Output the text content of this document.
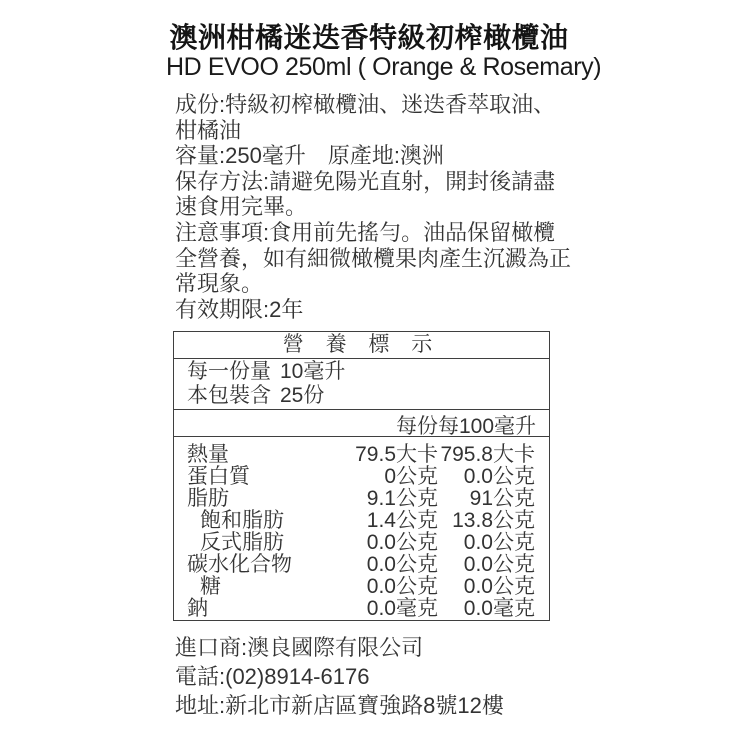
澳洲柑橘迷迭香特級初榨橄欖油
HD EVOO 250ml ( Orange & Rosemary)
成份:特級初榨橄欖油、迷迭香萃取油、
柑橘油
容量:250毫升　原產地:澳洲
保存方法:請避免陽光直射，開封後請盡
速食用完畢。
注意事項:食用前先搖勻。油品保留橄欖
全營養，如有細微橄欖果肉產生沉澱為正
常現象。
有效期限:2年
營 養 標 示
每一份量 10毫升
本包裝含 25份
每份 每100毫升
熱量	79.5大卡 795.8大卡
蛋白質	0公克	0.0公克
脂肪	9.1公克	91公克
飽和脂肪	1.4公克 13.8公克
反式脂肪	0.0公克	0.0公克
碳水化合物	0.0公克	0.0公克
糖	0.0公克	0.0公克
鈉	0.0毫克	0.0毫克
進口商:澳良國際有限公司
電話:(02)8914-6176
地址:新北市新店區寶強路8號12樓
